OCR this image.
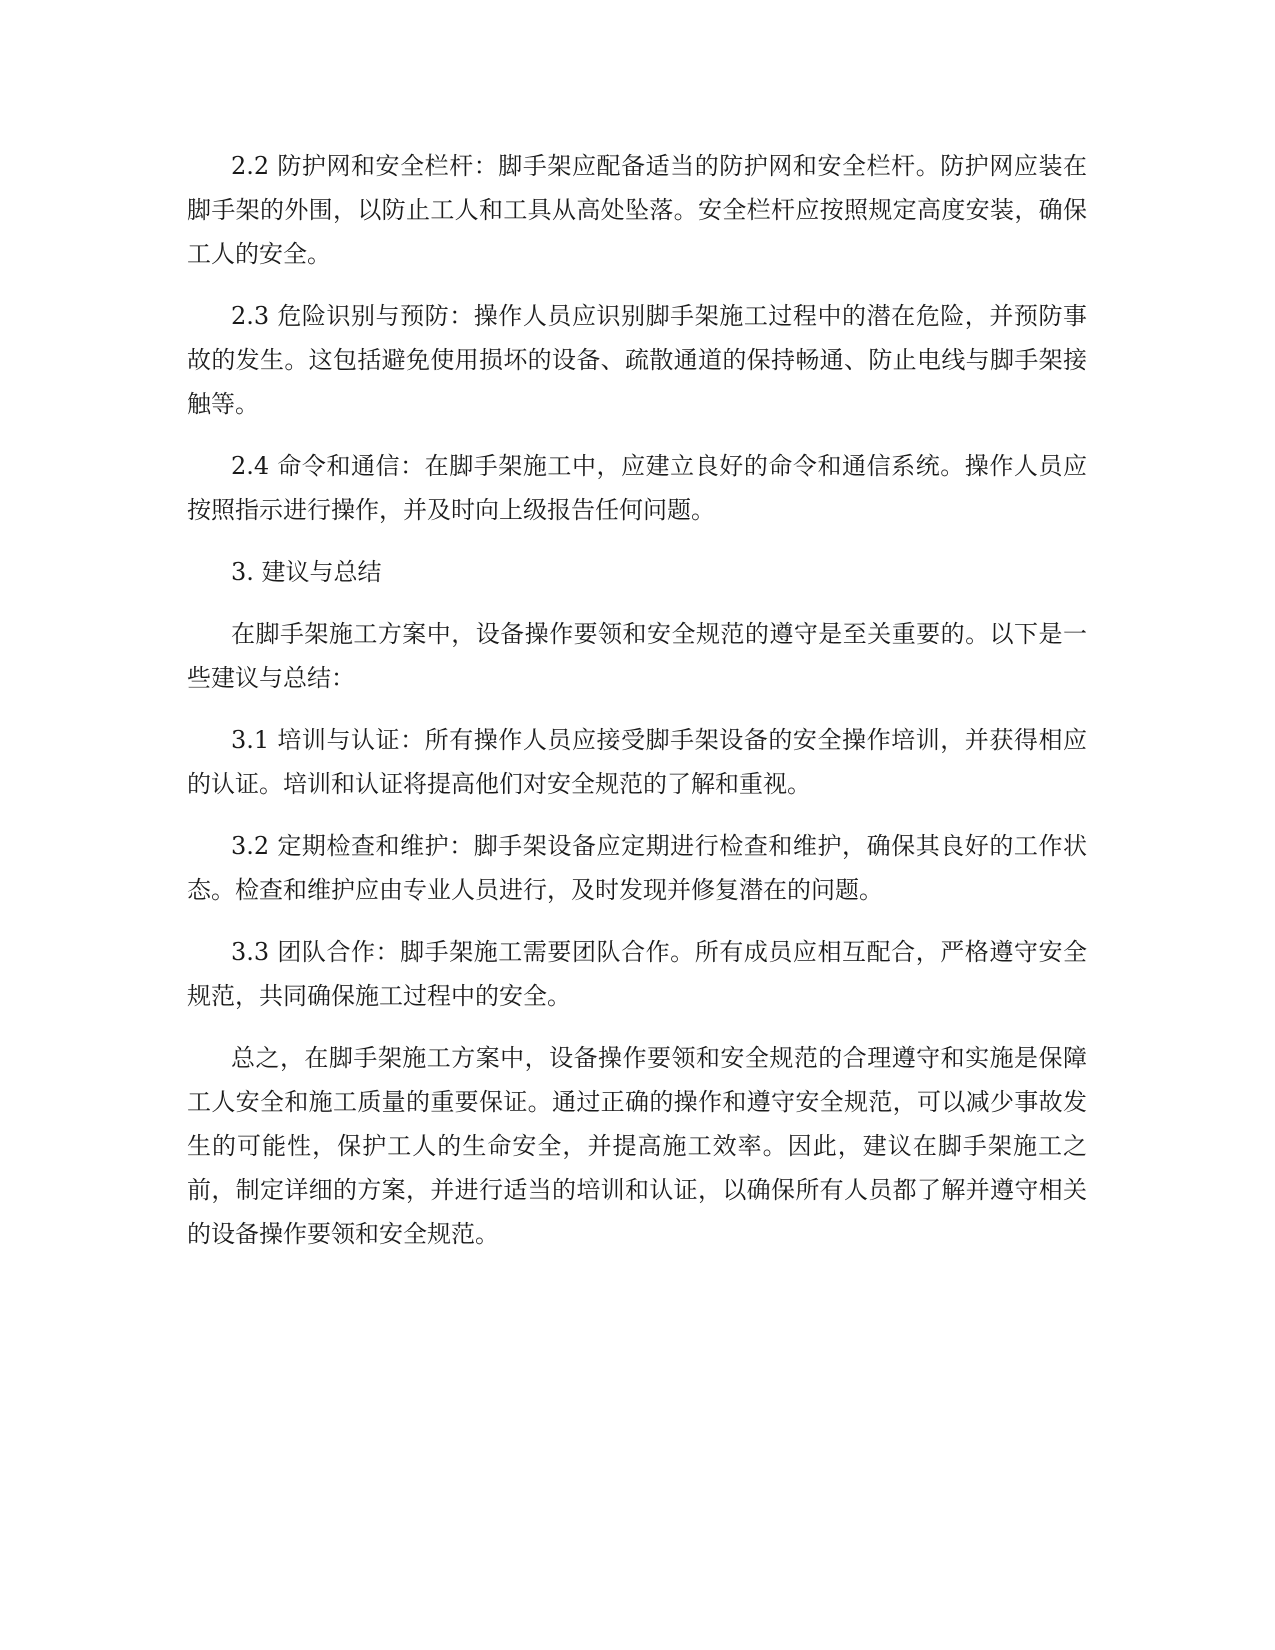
2.2 防护网和安全栏杆：脚手架应配备适当的防护网和安全栏杆。防护网应装在脚手架的外围，以防止工人和工具从高处坠落。安全栏杆应按照规定高度安装，确保工人的安全。

2.3 危险识别与预防：操作人员应识别脚手架施工过程中的潜在危险，并预防事故的发生。这包括避免使用损坏的设备、疏散通道的保持畅通、防止电线与脚手架接触等。

2.4 命令和通信：在脚手架施工中，应建立良好的命令和通信系统。操作人员应按照指示进行操作，并及时向上级报告任何问题。

3. 建议与总结

在脚手架施工方案中，设备操作要领和安全规范的遵守是至关重要的。以下是一些建议与总结：

3.1 培训与认证：所有操作人员应接受脚手架设备的安全操作培训，并获得相应的认证。培训和认证将提高他们对安全规范的了解和重视。

3.2 定期检查和维护：脚手架设备应定期进行检查和维护，确保其良好的工作状态。检查和维护应由专业人员进行，及时发现并修复潜在的问题。

3.3 团队合作：脚手架施工需要团队合作。所有成员应相互配合，严格遵守安全规范，共同确保施工过程中的安全。

总之，在脚手架施工方案中，设备操作要领和安全规范的合理遵守和实施是保障工人安全和施工质量的重要保证。通过正确的操作和遵守安全规范，可以减少事故发生的可能性，保护工人的生命安全，并提高施工效率。因此，建议在脚手架施工之前，制定详细的方案，并进行适当的培训和认证，以确保所有人员都了解并遵守相关的设备操作要领和安全规范。
